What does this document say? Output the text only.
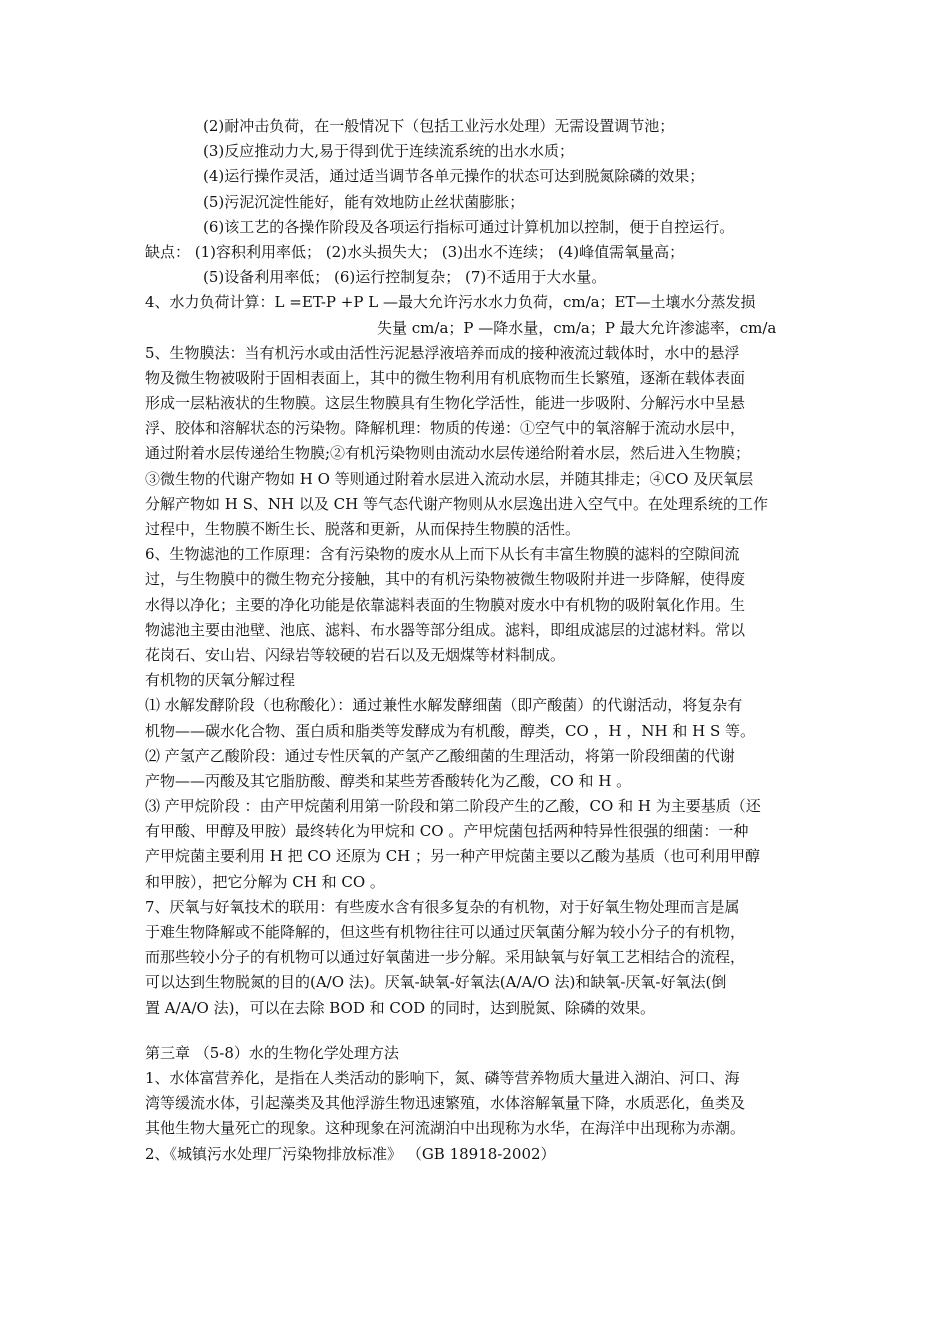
(2)耐冲击负荷，在一般情况下（包括工业污水处理）无需设置调节池；
(3)反应推动力大,易于得到优于连续流系统的出水水质；
(4)运行操作灵活，通过适当调节各单元操作的状态可达到脱氮除磷的效果；
(5)污泥沉淀性能好，能有效地防止丝状菌膨胀；
(6)该工艺的各操作阶段及各项运行指标可通过计算机加以控制，便于自控运行。
缺点： (1)容积利用率低； (2)水头损失大； (3)出水不连续； (4)峰值需氧量高；
(5)设备利用率低； (6)运行控制复杂； (7)不适用于大水量。
4、水力负荷计算：L =ET-P +P L —最大允许污水水力负荷，cm/a；ET—土壤水分蒸发损
失量 cm/a；P —降水量，cm/a；P 最大允许渗滤率，cm/a
5、生物膜法：当有机污水或由活性污泥悬浮液培养而成的接种液流过载体时，水中的悬浮
物及微生物被吸附于固相表面上，其中的微生物利用有机底物而生长繁殖，逐渐在载体表面
形成一层粘液状的生物膜。这层生物膜具有生物化学活性，能进一步吸附、分解污水中呈悬
浮、胶体和溶解状态的污染物。降解机理：物质的传递：①空气中的氧溶解于流动水层中，
通过附着水层传递给生物膜;②有机污染物则由流动水层传递给附着水层，然后进入生物膜；
③微生物的代谢产物如 H O 等则通过附着水层进入流动水层，并随其排走；④CO 及厌氧层
分解产物如 H S、NH 以及 CH 等气态代谢产物则从水层逸出进入空气中。在处理系统的工作
过程中，生物膜不断生长、脱落和更新，从而保持生物膜的活性。
6、生物滤池的工作原理：含有污染物的废水从上而下从长有丰富生物膜的滤料的空隙间流
过，与生物膜中的微生物充分接触，其中的有机污染物被微生物吸附并进一步降解，使得废
水得以净化；主要的净化功能是依靠滤料表面的生物膜对废水中有机物的吸附氧化作用。生
物滤池主要由池壁、池底、滤料、布水器等部分组成。滤料，即组成滤层的过滤材料。常以
花岗石、安山岩、闪绿岩等较硬的岩石以及无烟煤等材料制成。
有机物的厌氧分解过程
⑴ 水解发酵阶段（也称酸化）：通过兼性水解发酵细菌（即产酸菌）的代谢活动，将复杂有
机物——碳水化合物、蛋白质和脂类等发酵成为有机酸，醇类，CO ，H ，NH 和 H S 等。
⑵ 产氢产乙酸阶段：通过专性厌氧的产氢产乙酸细菌的生理活动，将第一阶段细菌的代谢
产物——丙酸及其它脂肪酸、醇类和某些芳香酸转化为乙酸，CO 和 H 。
⑶ 产甲烷阶段 ：由产甲烷菌利用第一阶段和第二阶段产生的乙酸，CO 和 H 为主要基质（还
有甲酸、甲醇及甲胺）最终转化为甲烷和 CO 。产甲烷菌包括两种特异性很强的细菌：一种
产甲烷菌主要利用 H 把 CO 还原为 CH ；另一种产甲烷菌主要以乙酸为基质（也可利用甲醇
和甲胺），把它分解为 CH 和 CO 。
7、厌氧与好氧技术的联用：有些废水含有很多复杂的有机物，对于好氧生物处理而言是属
于难生物降解或不能降解的，但这些有机物往往可以通过厌氧菌分解为较小分子的有机物，
而那些较小分子的有机物可以通过好氧菌进一步分解。采用缺氧与好氧工艺相结合的流程，
可以达到生物脱氮的目的(A/O 法)。厌氧-缺氧-好氧法(A/A/O 法)和缺氧-厌氧-好氧法(倒
置 A/A/O 法)，可以在去除 BOD 和 COD 的同时，达到脱氮、除磷的效果。
第三章 （5-8）水的生物化学处理方法
1、水体富营养化，是指在人类活动的影响下，氮、磷等营养物质大量进入湖泊、河口、海
湾等缓流水体，引起藻类及其他浮游生物迅速繁殖，水体溶解氧量下降，水质恶化，鱼类及
其他生物大量死亡的现象。这种现象在河流湖泊中出现称为水华，在海洋中出现称为赤潮。
2、《城镇污水处理厂污染物排放标准》 （GB 18918-2002）
